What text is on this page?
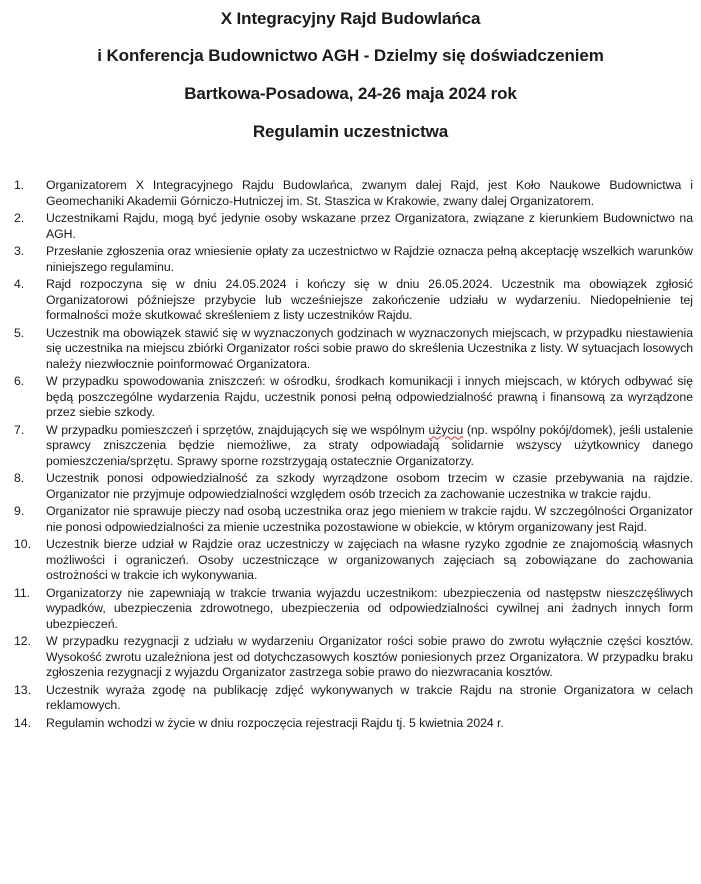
X Integracyjny Rajd Budowlańca
i Konferencja Budownictwo AGH - Dzielmy się doświadczeniem
Bartkowa-Posadowa, 24-26 maja 2024 rok
Regulamin uczestnictwa
1.	Organizatorem X Integracyjnego Rajdu Budowlańca, zwanym dalej Rajd, jest Koło Naukowe Budownictwa i Geomechaniki Akademii Górniczo-Hutniczej im. St. Staszica w Krakowie, zwany dalej Organizatorem.
2.	Uczestnikami Rajdu, mogą być jedynie osoby wskazane przez Organizatora, związane z kierunkiem Budownictwo na AGH.
3.	Przesłanie zgłoszenia oraz wniesienie opłaty za uczestnictwo w Rajdzie oznacza pełną akceptację wszelkich warunków niniejszego regulaminu.
4.	Rajd rozpoczyna się w dniu 24.05.2024 i kończy się w dniu 26.05.2024. Uczestnik ma obowiązek zgłosić Organizatorowi późniejsze przybycie lub wcześniejsze zakończenie udziału w wydarzeniu. Niedopełnienie tej formalności może skutkować skreśleniem z listy uczestników Rajdu.
5.	Uczestnik ma obowiązek stawić się w wyznaczonych godzinach w wyznaczonych miejscach, w przypadku niestawienia się uczestnika na miejscu zbiórki Organizator rości sobie prawo do skreślenia Uczestnika z listy. W sytuacjach losowych należy niezwłocznie poinformować Organizatora.
6.	W przypadku spowodowania zniszczeń: w ośrodku, środkach komunikacji i innych miejscach, w których odbywać się będą poszczególne wydarzenia Rajdu, uczestnik ponosi pełną odpowiedzialność prawną i finansową za wyrządzone przez siebie szkody.
7.	W przypadku pomieszczeń i sprzętów, znajdujących się we wspólnym użyciu (np. wspólny pokój/domek), jeśli ustalenie sprawcy zniszczenia będzie niemożliwe, za straty odpowiadają solidarnie wszyscy użytkownicy danego pomieszczenia/sprzętu. Sprawy sporne rozstrzygają ostatecznie Organizatorzy.
8.	Uczestnik ponosi odpowiedzialność za szkody wyrządzone osobom trzecim w czasie przebywania na rajdzie. Organizator nie przyjmuje odpowiedzialności względem osób trzecich za zachowanie uczestnika w trakcie rajdu.
9.	Organizator nie sprawuje pieczy nad osobą uczestnika oraz jego mieniem w trakcie rajdu. W szczególności Organizator nie ponosi odpowiedzialności za mienie uczestnika pozostawione w obiekcie, w którym organizowany jest Rajd.
10.	Uczestnik bierze udział w Rajdzie oraz uczestniczy w zajęciach na własne ryzyko zgodnie ze znajomością własnych możliwości i ograniczeń. Osoby uczestniczące w organizowanych zajęciach są zobowiązane do zachowania ostrożności w trakcie ich wykonywania.
11.	Organizatorzy nie zapewniają w trakcie trwania wyjazdu uczestnikom: ubezpieczenia od następstw nieszczęśliwych wypadków, ubezpieczenia zdrowotnego, ubezpieczenia od odpowiedzialności cywilnej ani żadnych innych form ubezpieczeń.
12.	W przypadku rezygnacji z udziału w wydarzeniu Organizator rości sobie prawo do zwrotu wyłącznie części kosztów. Wysokość zwrotu uzależniona jest od dotychczasowych kosztów poniesionych przez Organizatora. W przypadku braku zgłoszenia rezygnacji z wyjazdu Organizator zastrzega sobie prawo do niezwracania kosztów.
13.	Uczestnik wyraża zgodę na publikację zdjęć wykonywanych w trakcie Rajdu na stronie Organizatora w celach reklamowych.
14.	Regulamin wchodzi w życie w dniu rozpoczęcia rejestracji Rajdu tj. 5 kwietnia 2024 r.
